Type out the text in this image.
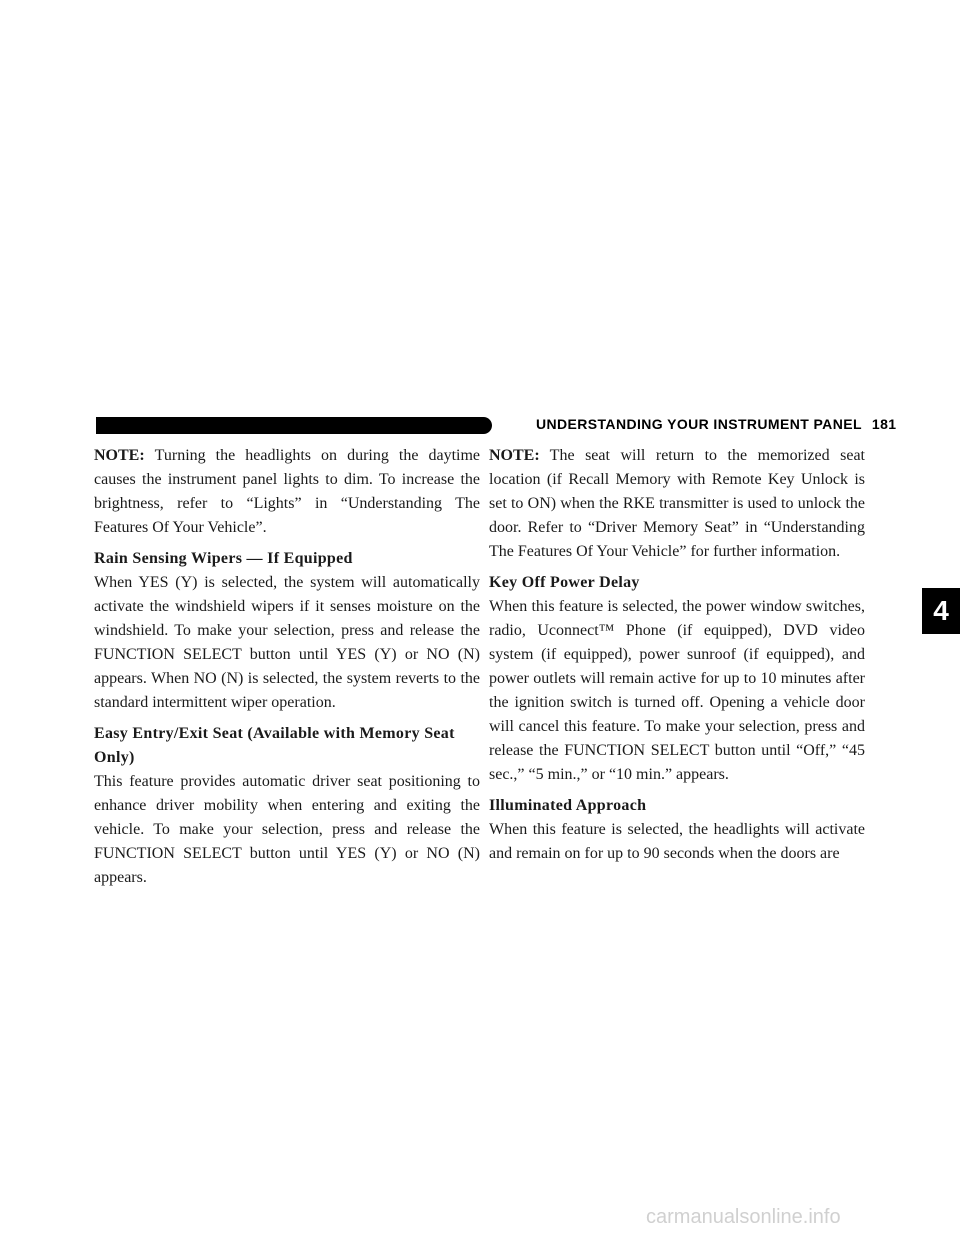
UNDERSTANDING YOUR INSTRUMENT PANEL 181
4

NOTE: Turning the headlights on during the daytime causes the instrument panel lights to dim. To increase the brightness, refer to “Lights” in “Understanding The Features Of Your Vehicle”.

Rain Sensing Wipers — If Equipped

When YES (Y) is selected, the system will automatically activate the windshield wipers if it senses moisture on the windshield. To make your selection, press and release the FUNCTION SELECT button until YES (Y) or NO (N) appears. When NO (N) is selected, the system reverts to the standard intermittent wiper operation.

Easy Entry/Exit Seat (Available with Memory Seat Only)

This feature provides automatic driver seat positioning to enhance driver mobility when entering and exiting the vehicle. To make your selection, press and release the FUNCTION SELECT button until YES (Y) or NO (N) appears.

NOTE: The seat will return to the memorized seat location (if Recall Memory with Remote Key Unlock is set to ON) when the RKE transmitter is used to unlock the door. Refer to “Driver Memory Seat” in “Understanding The Features Of Your Vehicle” for further information.

Key Off Power Delay

When this feature is selected, the power window switches, radio, Uconnect™ Phone (if equipped), DVD video system (if equipped), power sunroof (if equipped), and power outlets will remain active for up to 10 minutes after the ignition switch is turned off. Opening a vehicle door will cancel this feature. To make your selection, press and release the FUNCTION SELECT button until “Off,” “45 sec.,” “5 min.,” or “10 min.” appears.

Illuminated Approach

When this feature is selected, the headlights will activate and remain on for up to 90 seconds when the doors are

carmanualsonline.info
